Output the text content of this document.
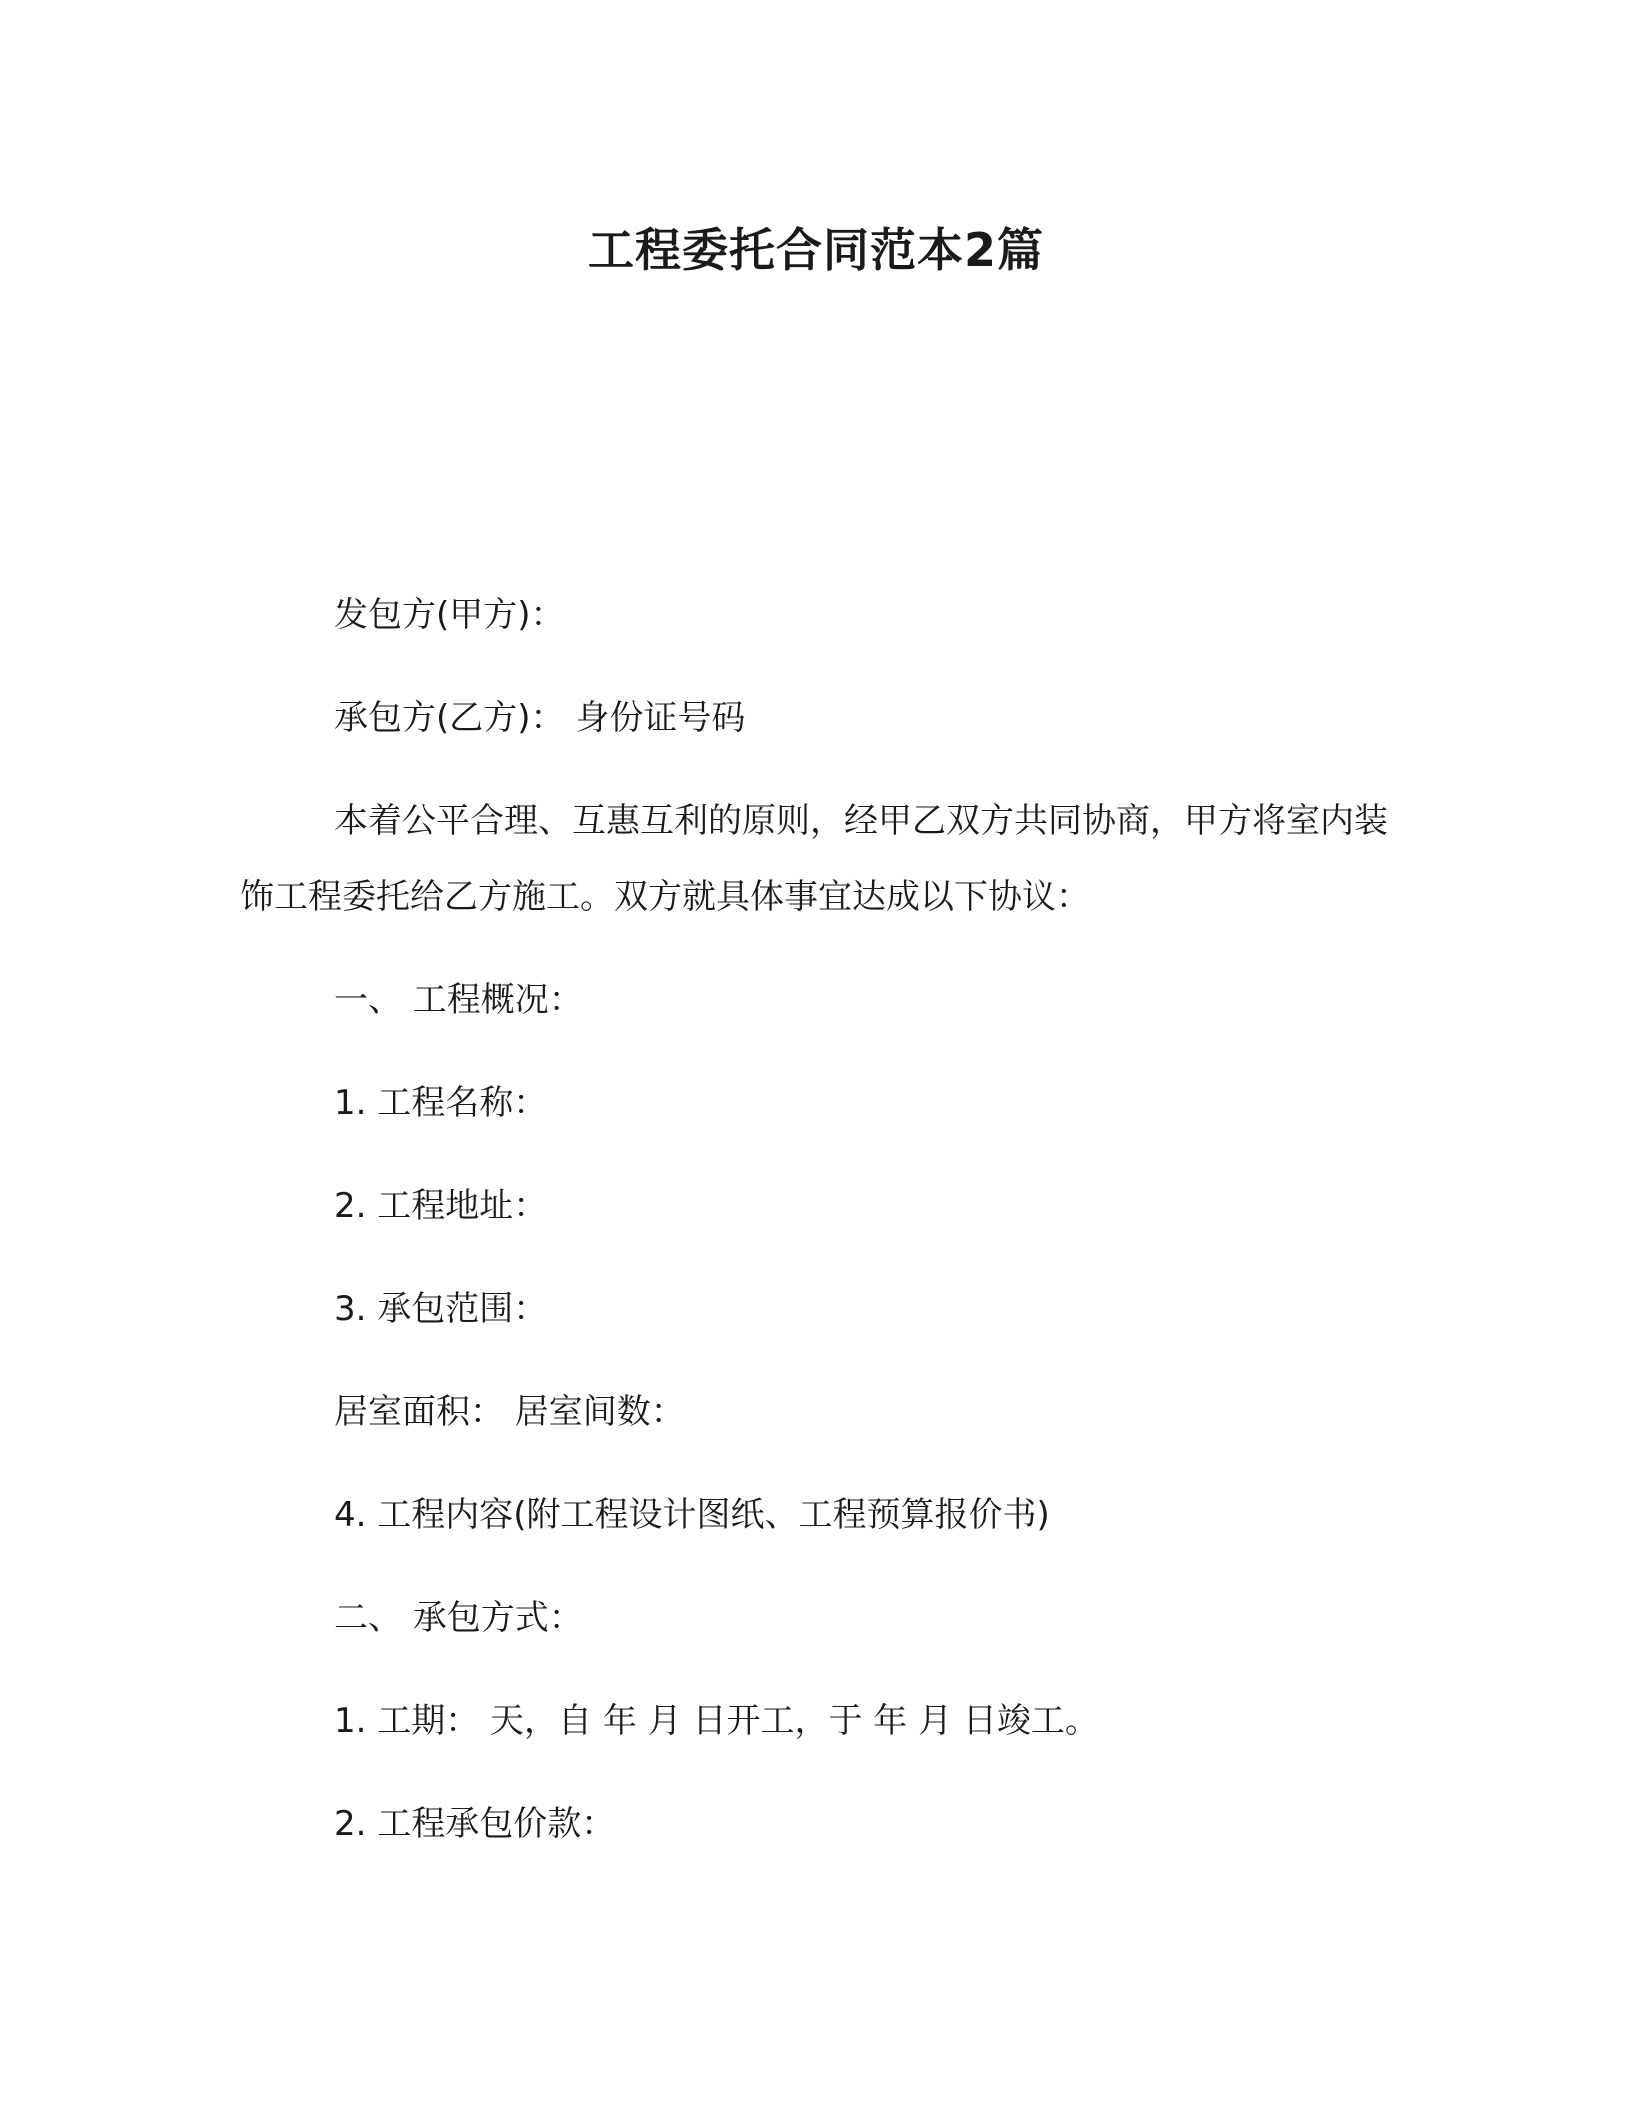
工程委托合同范本2篇

发包方(甲方)：

承包方(乙方)： 身份证号码

本着公平合理、互惠互利的原则，经甲乙双方共同协商，甲方将室内装饰工程委托给乙方施工。双方就具体事宜达成以下协议：

一、 工程概况：

1. 工程名称：

2. 工程地址：

3. 承包范围：

居室面积： 居室间数：

4. 工程内容(附工程设计图纸、工程预算报价书)

二、 承包方式：

1. 工期： 天，自 年 月 日开工，于 年 月 日竣工。

2. 工程承包价款：
